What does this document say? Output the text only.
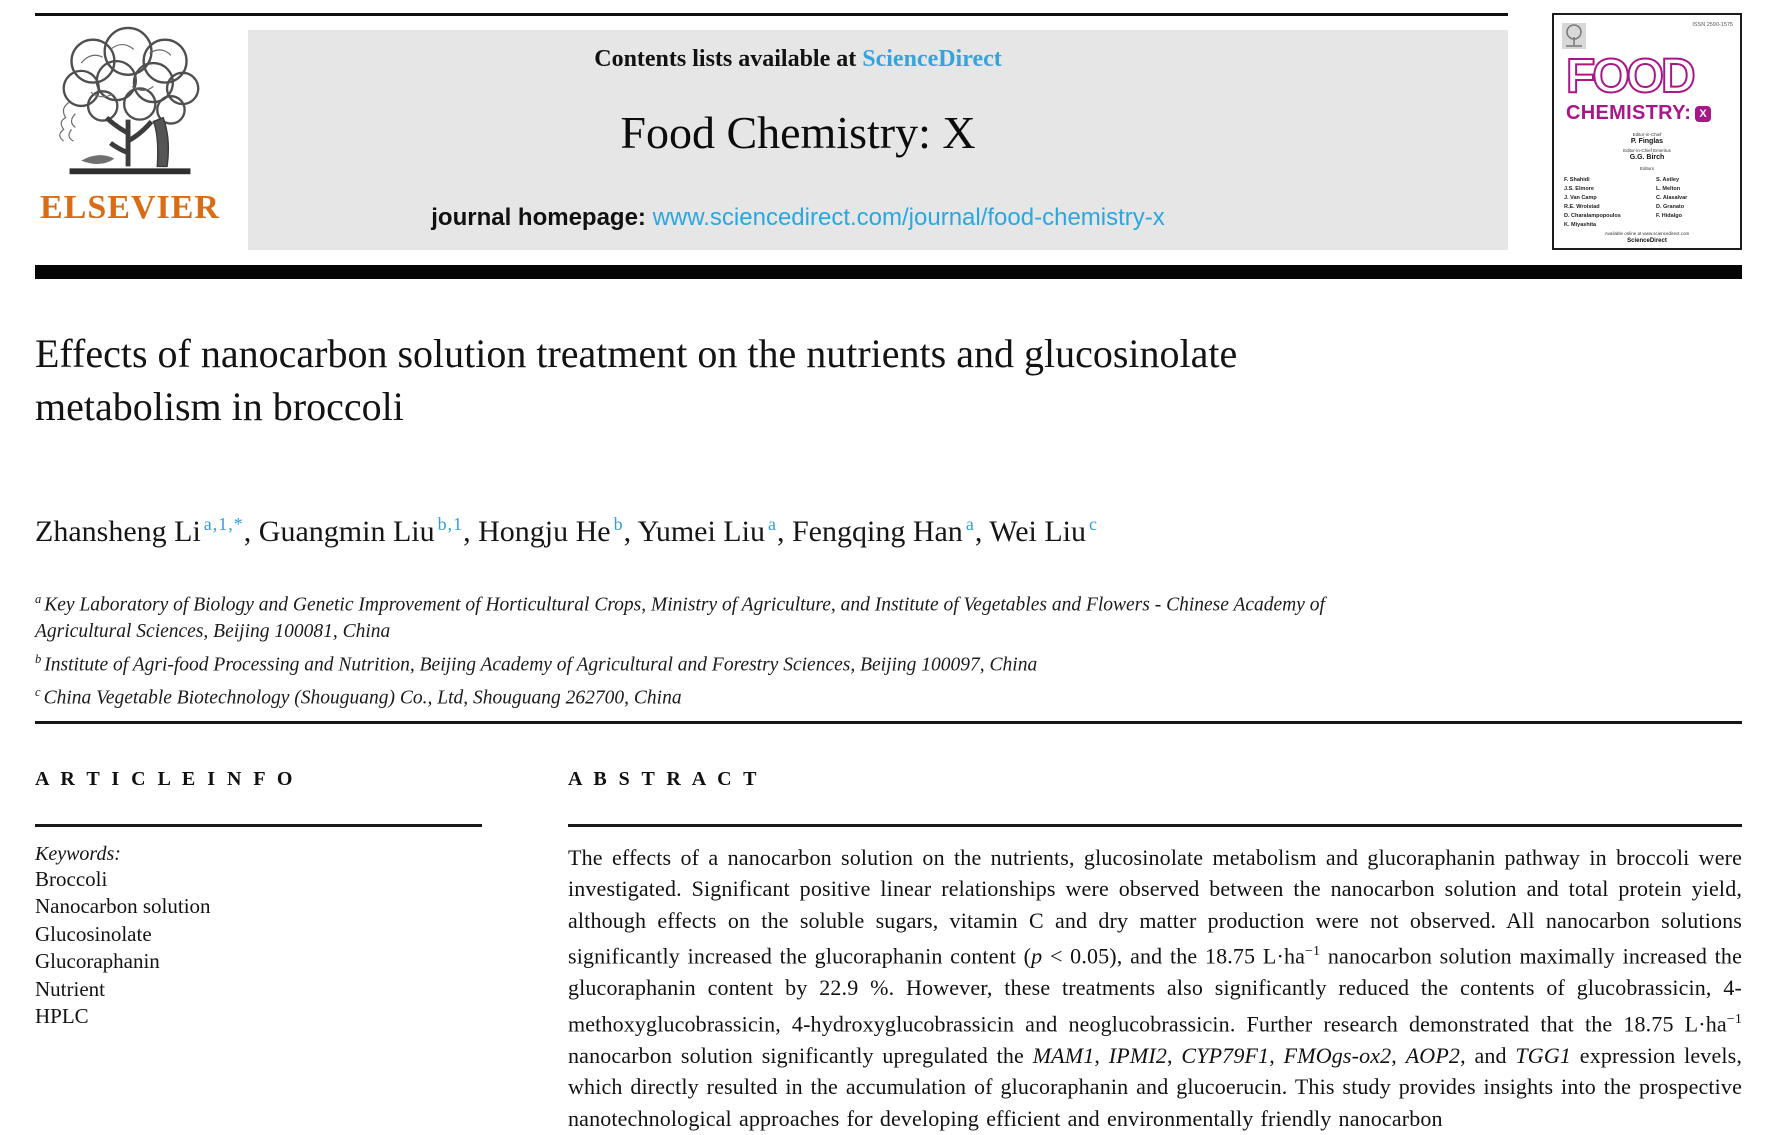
ELSEVIER
Contents lists available at ScienceDirect
Food Chemistry: X
journal homepage: www.sciencedirect.com/journal/food-chemistry-x
ISSN 2590-1575
FOOD
CHEMISTRY: X
Editor-in-Chief
P. Finglas
Editor-in-Chief Emeritus
G.G. Birch
Editors
F. Shahidi
J.S. Elmore
J. Van Camp
R.E. Wrolstad
D. Charalampopoulos
K. Miyashita
S. Astley
L. Melton
C. Alasalvar
D. Granato
F. Hidalgo
Available online at www.sciencedirect.com
ScienceDirect
Effects of nanocarbon solution treatment on the nutrients and glucosinolate metabolism in broccoli
Zhansheng Li $^{a,1,*}$, Guangmin Liu $^{b,1}$, Hongju He $^b$, Yumei Liu $^a$, Fengqing Han $^a$, Wei Liu $^c$
$^a$ Key Laboratory of Biology and Genetic Improvement of Horticultural Crops, Ministry of Agriculture, and Institute of Vegetables and Flowers - Chinese Academy of Agricultural Sciences, Beijing 100081, China
$^b$ Institute of Agri-food Processing and Nutrition, Beijing Academy of Agricultural and Forestry Sciences, Beijing 100097, China
$^c$ China Vegetable Biotechnology (Shouguang) Co., Ltd, Shouguang 262700, China
A R T I C L E I N F O
Keywords:
Broccoli
Nanocarbon solution
Glucosinolate
Glucoraphanin
Nutrient
HPLC
A B S T R A C T

The effects of a nanocarbon solution on the nutrients, glucosinolate metabolism and glucoraphanin pathway in broccoli were investigated. Significant positive linear relationships were observed between the nanocarbon solution and total protein yield, although effects on the soluble sugars, vitamin C and dry matter production were not observed. All nanocarbon solutions significantly increased the glucoraphanin content (p < 0.05), and the 18.75 $L\cdot ha^{-1}$ nanocarbon solution maximally increased the glucoraphanin content by 22.9 %. However, these treatments also significantly reduced the contents of glucobrassicin, 4-methoxyglucobrassicin, 4-hydroxyglucobrassicin and neoglucobrassicin. Further research demonstrated that the 18.75 $L\cdot ha^{-1}$ nanocarbon solution significantly upregulated the MAM1, IPMI2, CYP79F1, FMOgs-ox2, AOP2, and TGG1 expression levels, which directly resulted in the accumulation of glucoraphanin and glucoerucin. This study provides insights into the prospective nanotechnological approaches for developing efficient and environmentally friendly nanocarbon
